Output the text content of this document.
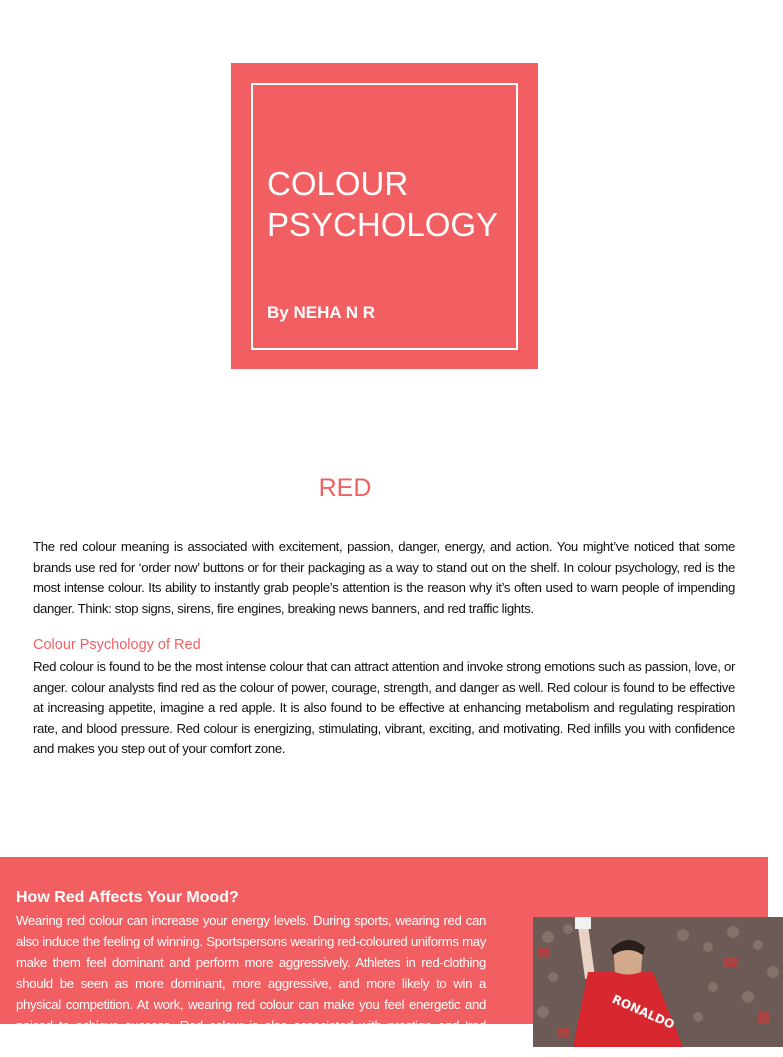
COLOUR
PSYCHOLOGY
By NEHA N R
RED

The red colour meaning is associated with excitement, passion, danger, energy, and action. You might’ve noticed that some brands use red for ‘order now’ buttons or for their packaging as a way to stand out on the shelf. In colour psychology, red is the most intense colour. Its ability to instantly grab people’s attention is the reason why it’s often used to warn people of impending danger. Think: stop signs, sirens, fire engines, breaking news banners, and red traffic lights.

Colour Psychology of Red

Red colour is found to be the most intense colour that can attract attention and invoke strong emotions such as passion, love, or anger. colour analysts find red as the colour of power, courage, strength, and danger as well. Red colour is found to be effective at increasing appetite, imagine a red apple. It is also found to be effective at enhancing metabolism and regulating respiration rate, and blood pressure. Red colour is energizing, stimulating, vibrant, exciting, and motivating. Red infills you with confidence and makes you step out of your comfort zone.

How Red Affects Your Mood?

Wearing red colour can increase your energy levels. During sports, wearing red can also induce the feeling of winning. Sportspersons wearing red-coloured uniforms may make them feel dominant and perform more aggressively. Athletes in red-clothing should be seen as more dominant, more aggressive, and more likely to win a physical competition. At work, wearing red colour can make you feel energetic and poised to achieve success. Red colour is also associated with prestige and ‘red carpet’ feeling. The colour of ‘power tie’ is

RONALDO
